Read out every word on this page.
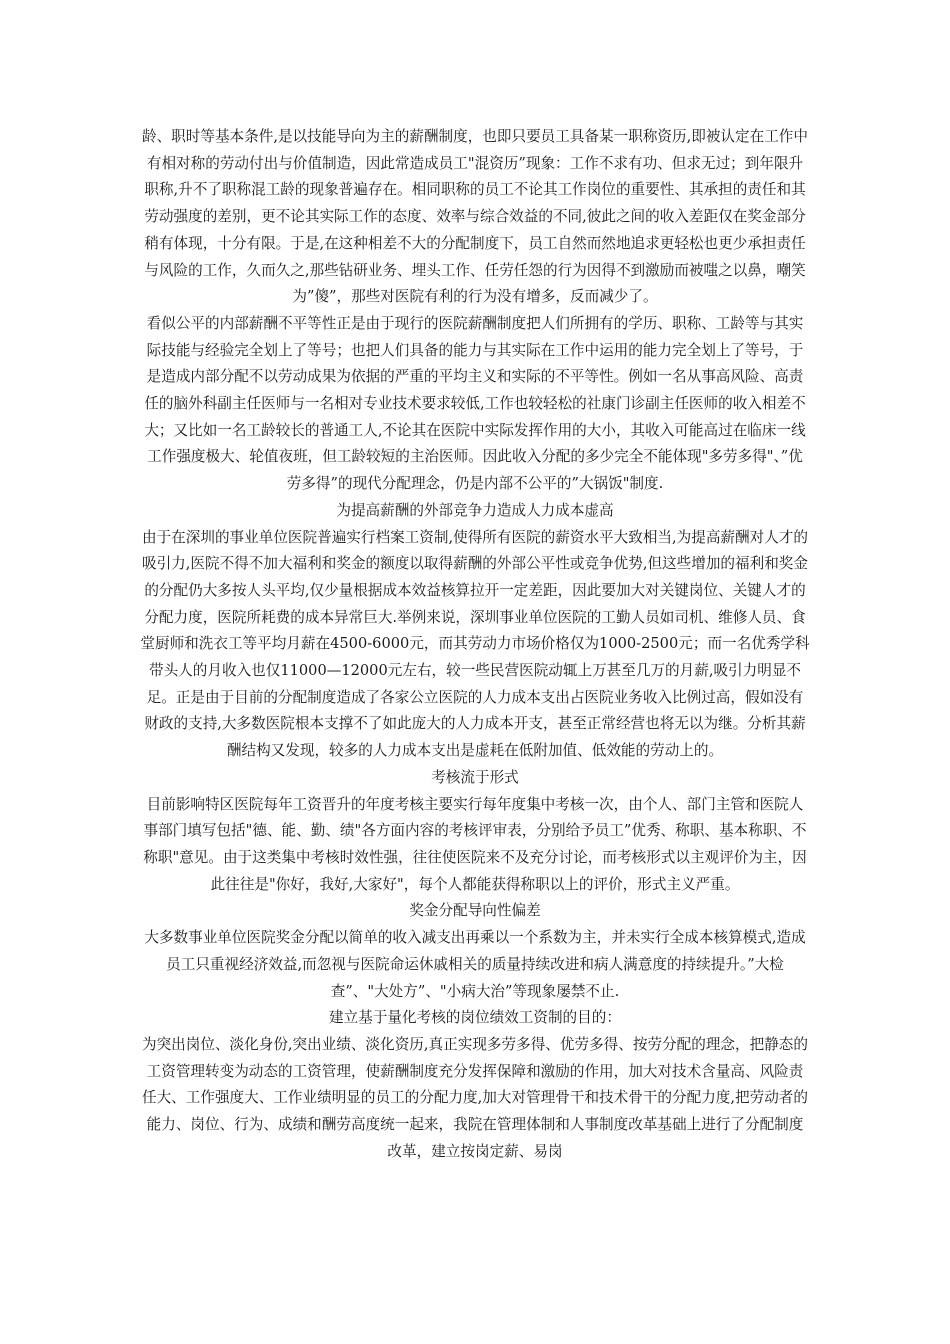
龄、职时等基本条件,是以技能导向为主的薪酬制度，也即只要员工具备某一职称资历,即被认定在工作中有相对称的劳动付出与价值制造，因此常造成员工"混资历”现象：工作不求有功、但求无过；到年限升职称,升不了职称混工龄的现象普遍存在。相同职称的员工不论其工作岗位的重要性、其承担的责任和其劳动强度的差别，更不论其实际工作的态度、效率与综合效益的不同,彼此之间的收入差距仅在奖金部分稍有体现，十分有限。于是,在这种相差不大的分配制度下，员工自然而然地追求更轻松也更少承担责任与风险的工作，久而久之,那些钻研业务、埋头工作、任劳任怨的行为因得不到激励而被嗤之以鼻，嘲笑为”傻”，那些对医院有利的行为没有增多，反而减少了。

看似公平的内部薪酬不平等性正是由于现行的医院薪酬制度把人们所拥有的学历、职称、工龄等与其实际技能与经验完全划上了等号；也把人们具备的能力与其实际在工作中运用的能力完全划上了等号，于是造成内部分配不以劳动成果为依据的严重的平均主义和实际的不平等性。例如一名从事高风险、高责任的脑外科副主任医师与一名相对专业技术要求较低,工作也较轻松的社康门诊副主任医师的收入相差不大；又比如一名工龄较长的普通工人,不论其在医院中实际发挥作用的大小，其收入可能高过在临床一线工作强度极大、轮值夜班，但工龄较短的主治医师。因此收入分配的多少完全不能体现"多劳多得"、”优劳多得”的现代分配理念，仍是内部不公平的”大锅饭"制度.

为提高薪酬的外部竞争力造成人力成本虚高

由于在深圳的事业单位医院普遍实行档案工资制,使得所有医院的薪资水平大致相当,为提高薪酬对人才的吸引力,医院不得不加大福利和奖金的额度以取得薪酬的外部公平性或竞争优势,但这些增加的福利和奖金的分配仍大多按人头平均,仅少量根据成本效益核算拉开一定差距，因此要加大对关键岗位、关键人才的分配力度，医院所耗费的成本异常巨大.举例来说，深圳事业单位医院的工勤人员如司机、维修人员、食堂厨师和洗衣工等平均月薪在4500-6000元，而其劳动力市场价格仅为1000-2500元；而一名优秀学科带头人的月收入也仅11000—12000元左右，较一些民营医院动辄上万甚至几万的月薪,吸引力明显不足。正是由于目前的分配制度造成了各家公立医院的人力成本支出占医院业务收入比例过高，假如没有财政的支持,大多数医院根本支撑不了如此庞大的人力成本开支，甚至正常经营也将无以为继。分析其薪酬结构又发现，较多的人力成本支出是虚耗在低附加值、低效能的劳动上的。

考核流于形式

目前影响特区医院每年工资晋升的年度考核主要实行每年度集中考核一次，由个人、部门主管和医院人事部门填写包括"德、能、勤、绩"各方面内容的考核评审表，分别给予员工”优秀、称职、基本称职、不称职"意见。由于这类集中考核时效性强，往往使医院来不及充分讨论，而考核形式以主观评价为主，因此往往是"你好，我好,大家好"，每个人都能获得称职以上的评价，形式主义严重。

奖金分配导向性偏差

大多数事业单位医院奖金分配以简单的收入减支出再乘以一个系数为主，并未实行全成本核算模式,造成员工只重视经济效益,而忽视与医院命运休戚相关的质量持续改进和病人满意度的持续提升。”大检查”、"大处方”、"小病大治”等现象屡禁不止.

建立基于量化考核的岗位绩效工资制的目的：

为突出岗位、淡化身份,突出业绩、淡化资历,真正实现多劳多得、优劳多得、按劳分配的理念，把静态的工资管理转变为动态的工资管理，使薪酬制度充分发挥保障和激励的作用，加大对技术含量高、风险责任大、工作强度大、工作业绩明显的员工的分配力度,加大对管理骨干和技术骨干的分配力度,把劳动者的能力、岗位、行为、成绩和酬劳高度统一起来，我院在管理体制和人事制度改革基础上进行了分配制度改革，建立按岗定薪、易岗
